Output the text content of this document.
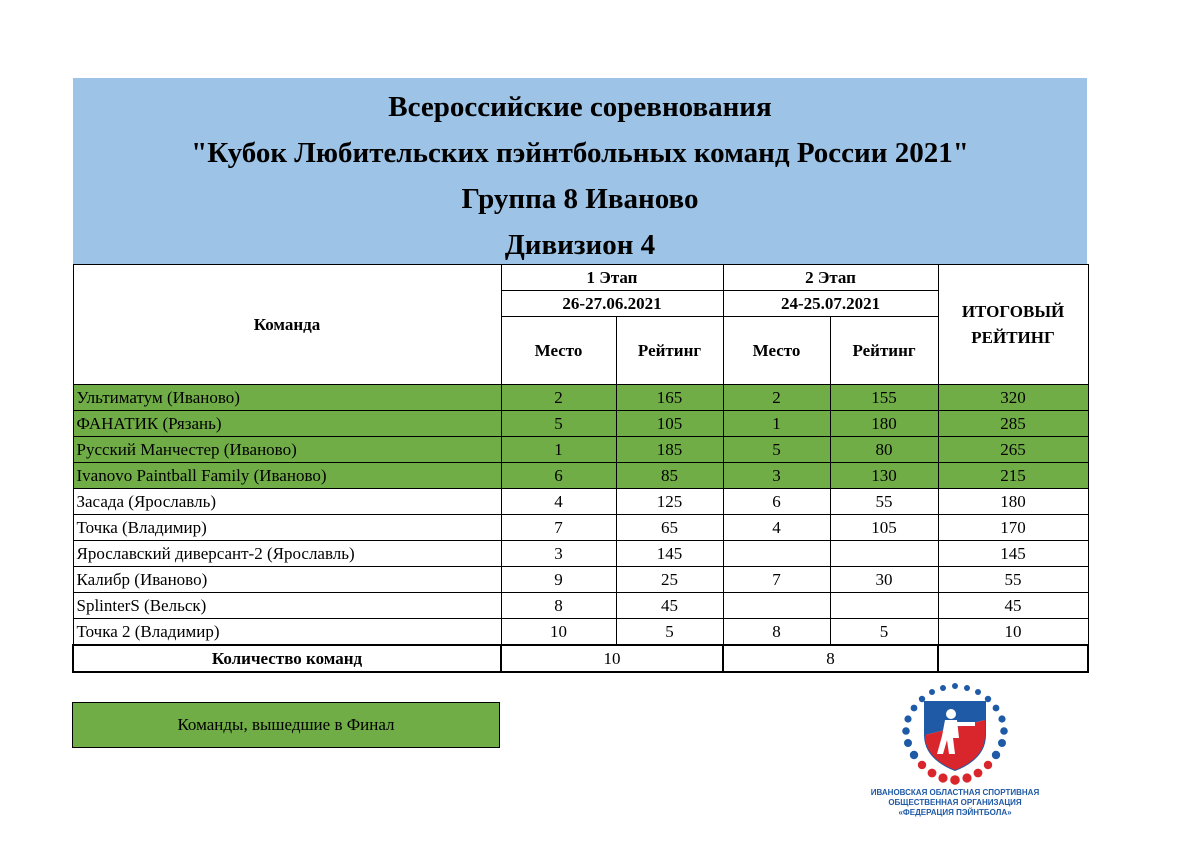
Всероссийские соревнования
"Кубок Любительских пэйнтбольных команд России 2021"
Группа 8 Иваново
Дивизион 4
Команда	1 Этап		2 Этап		ИТОГОВЫЙ РЕЙТИНГ

	26-27.06.2021		24-25.07.2021		
	Место	Рейтинг	Место	Рейтинг	
Ультиматум (Иваново)	2	165	2	155	320
ФАНАТИК (Рязань)	5	105	1	180	285
Русский Манчестер (Иваново)	1	185	5	80	265
Ivanovo Paintball Family (Иваново)	6	85	3	130	215
Засада (Ярославль)	4	125	6	55	180
Точка (Владимир)	7	65	4	105	170
Ярославский диверсант-2 (Ярославль)	3	145			145
Калибр (Иваново)	9	25	7	30	55
SplinterS (Вельск)	8	45			45
Точка 2 (Владимир)	10	5	8	5	10
Количество команд	10		8		
Команды, вышедшие в Финал
ИВАНОВСКАЯ ОБЛАСТНАЯ СПОРТИВНАЯ
ОБЩЕСТВЕННАЯ ОРГАНИЗАЦИЯ
«ФЕДЕРАЦИЯ ПЭЙНТБОЛА»
